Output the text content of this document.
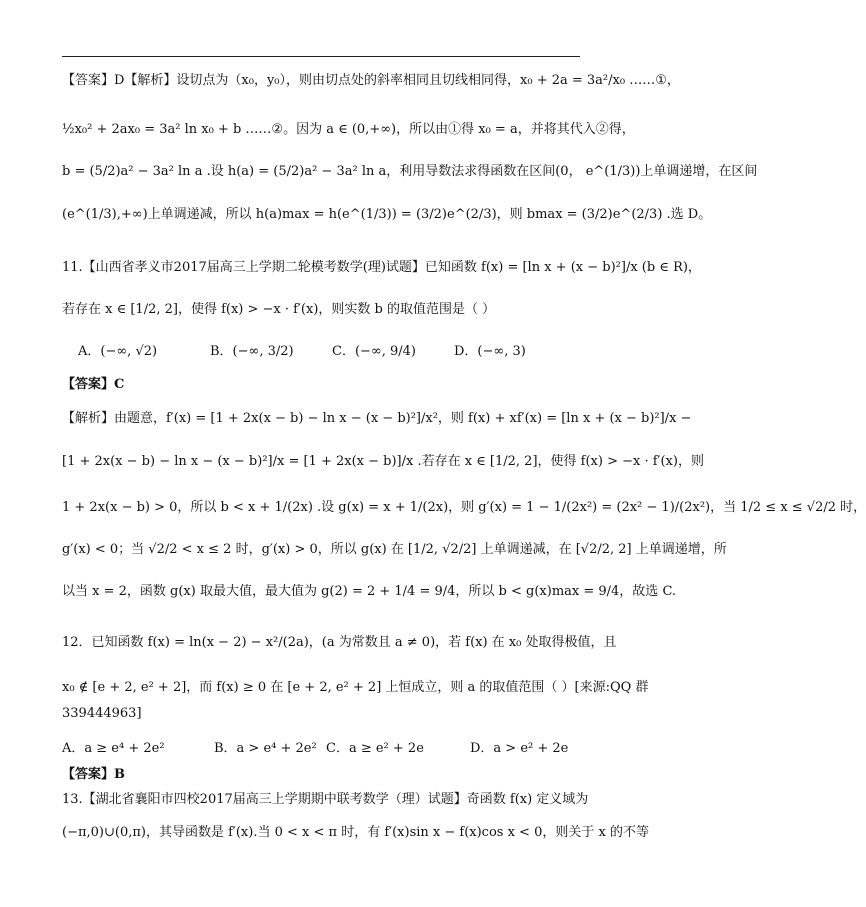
【答案】D【解析】设切点为（x₀，y₀），则由切点处的斜率相同且切线相同得，x₀ + 2a = 3a²/x₀ ……①，
½x₀² + 2ax₀ = 3a² ln x₀ + b ……②。因为 a ∈ (0,+∞)，所以由①得 x₀ = a，并将其代入②得，
b = (5/2)a² − 3a² ln a .设 h(a) = (5/2)a² − 3a² ln a，利用导数法求得函数在区间(0， e^(1/3))上单调递增，在区间
(e^(1/3),+∞)上单调递减，所以 h(a)max = h(e^(1/3)) = (3/2)e^(2/3)，则 bmax = (3/2)e^(2/3) .选 D。
11.【山西省孝义市2017届高三上学期二轮模考数学(理)试题】已知函数 f(x) = [ln x + (x − b)²]/x (b ∈ R)，
若存在 x ∈ [1/2, 2]，使得 f(x) > −x · f′(x)，则实数 b 的取值范围是（ ）
A．(−∞, √2)	B．(−∞, 3/2)	C．(−∞, 9/4)	D．(−∞, 3)
【答案】C
【解析】由题意，f′(x) = [1 + 2x(x − b) − ln x − (x − b)²]/x²，则 f(x) + xf′(x) = [ln x + (x − b)²]/x −
[1 + 2x(x − b) − ln x − (x − b)²]/x = [1 + 2x(x − b)]/x .若存在 x ∈ [1/2, 2]，使得 f(x) > −x · f′(x)，则
1 + 2x(x − b) > 0，所以 b < x + 1/(2x) .设 g(x) = x + 1/(2x)，则 g′(x) = 1 − 1/(2x²) = (2x² − 1)/(2x²)，当 1/2 ≤ x ≤ √2/2 时，
g′(x) < 0；当 √2/2 < x ≤ 2 时，g′(x) > 0，所以 g(x) 在 [1/2, √2/2] 上单调递减，在 [√2/2, 2] 上单调递增，所
以当 x = 2，函数 g(x) 取最大值，最大值为 g(2) = 2 + 1/4 = 9/4，所以 b < g(x)max = 9/4，故选 C.
12．已知函数 f(x) = ln(x − 2) − x²/(2a)，(a 为常数且 a ≠ 0)，若 f(x) 在 x₀ 处取得极值，且
x₀ ∉ [e + 2, e² + 2]，而 f(x) ≥ 0 在 [e + 2, e² + 2] 上恒成立，则 a 的取值范围（ ）[来源:QQ 群
339444963]
A．a ≥ e⁴ + 2e²	B．a > e⁴ + 2e² C．a ≥ e² + 2e	D．a > e² + 2e
【答案】B
13.【湖北省襄阳市四校2017届高三上学期期中联考数学（理）试题】奇函数 f(x) 定义域为
(−π,0)∪(0,π)，其导函数是 f′(x).当 0 < x < π 时，有 f′(x)sin x − f(x)cos x < 0，则关于 x 的不等
